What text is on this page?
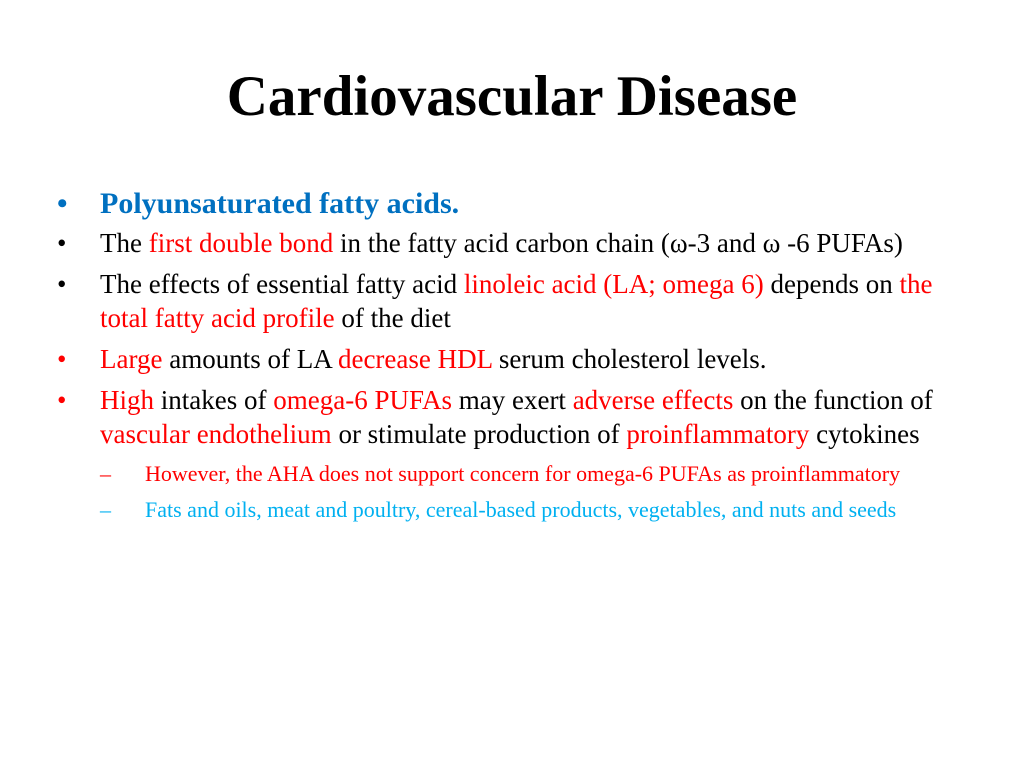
Cardiovascular Disease
•	Polyunsaturated fatty acids.
•	The first double bond in the fatty acid carbon chain (ω-3 and ω -6 PUFAs)
•	The effects of essential fatty acid linoleic acid (LA; omega 6) depends on the total fatty acid profile of the diet
•	Large amounts of LA decrease HDL serum cholesterol levels.
•	High intakes of omega-6 PUFAs may exert adverse effects on the function of vascular endothelium or stimulate production of proinflammatory cytokines
–	However, the AHA does not support concern for omega-6 PUFAs as proinflammatory
–	Fats and oils, meat and poultry, cereal-based products, vegetables, and nuts and seeds
